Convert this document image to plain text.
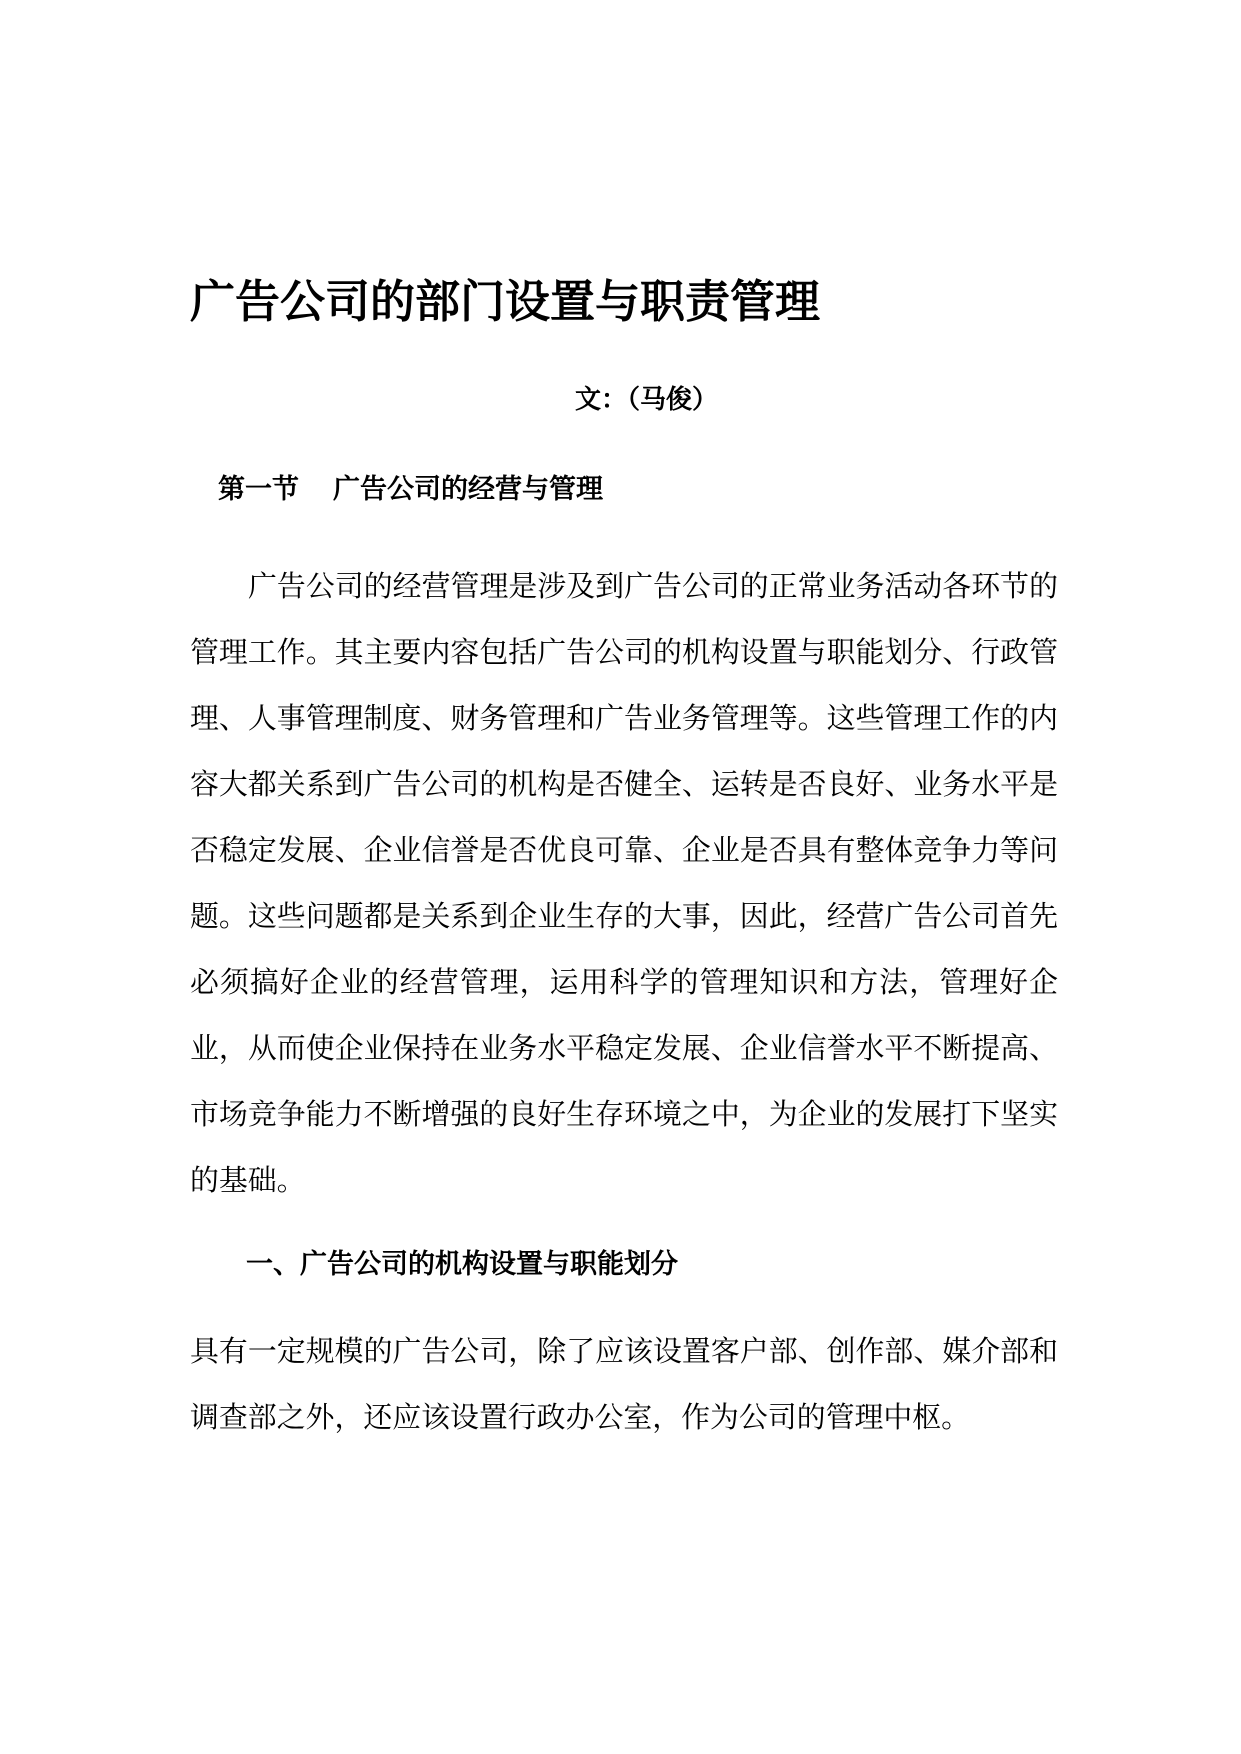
广告公司的部门设置与职责管理
文：（马俊）
第一节 广告公司的经营与管理

广告公司的经营管理是涉及到广告公司的正常业务活动各环节的管理工作。其主要内容包括广告公司的机构设置与职能划分、行政管理、人事管理制度、财务管理和广告业务管理等。这些管理工作的内容大都关系到广告公司的机构是否健全、运转是否良好、业务水平是否稳定发展、企业信誉是否优良可靠、企业是否具有整体竞争力等问题。这些问题都是关系到企业生存的大事，因此，经营广告公司首先必须搞好企业的经营管理，运用科学的管理知识和方法，管理好企业，从而使企业保持在业务水平稳定发展、企业信誉水平不断提高、市场竞争能力不断增强的良好生存环境之中，为企业的发展打下坚实的基础。

一、广告公司的机构设置与职能划分

具有一定规模的广告公司，除了应该设置客户部、创作部、媒介部和调查部之外，还应该设置行政办公室，作为公司的管理中枢。
